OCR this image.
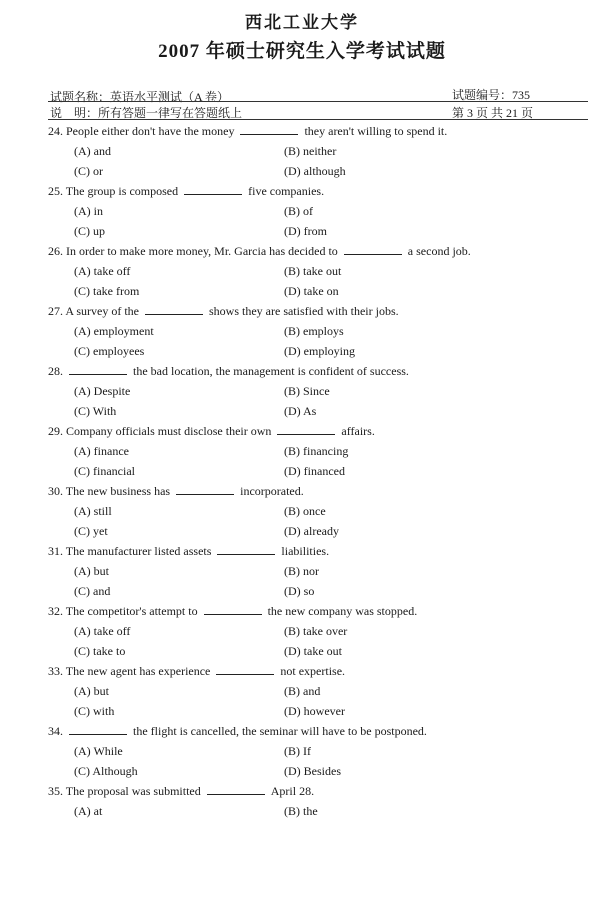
西北工业大学
2007 年硕士研究生入学考试试题
试题名称：英语水平测试（A 卷）	试题编号：735
说　明：所有答题一律写在答题纸上	第 3 页 共 21 页
24. People either don't have the money	they aren't willing to spend it.
(A) and	(B) neither
(C) or	(D) although
25. The group is composed	five companies.
(A) in	(B) of
(C) up	(D) from
26. In order to make more money, Mr. Garcia has decided to	a second job.
(A) take off	(B) take out
(C) take from	(D) take on
27. A survey of the	shows they are satisfied with their jobs.
(A) employment	(B) employs
(C) employees	(D) employing
28.	the bad location, the management is confident of success.
(A) Despite	(B) Since
(C) With	(D) As
29. Company officials must disclose their own	affairs.
(A) finance	(B) financing
(C) financial	(D) financed
30. The new business has	incorporated.
(A) still	(B) once
(C) yet	(D) already
31. The manufacturer listed assets	liabilities.
(A) but	(B) nor
(C) and	(D) so
32. The competitor's attempt to	the new company was stopped.
(A) take off	(B) take over
(C) take to	(D) take out
33. The new agent has experience	not expertise.
(A) but	(B) and
(C) with	(D) however
34.	the flight is cancelled, the seminar will have to be postponed.
(A) While	(B) If
(C) Although	(D) Besides
35. The proposal was submitted	April 28.
(A) at	(B) the
